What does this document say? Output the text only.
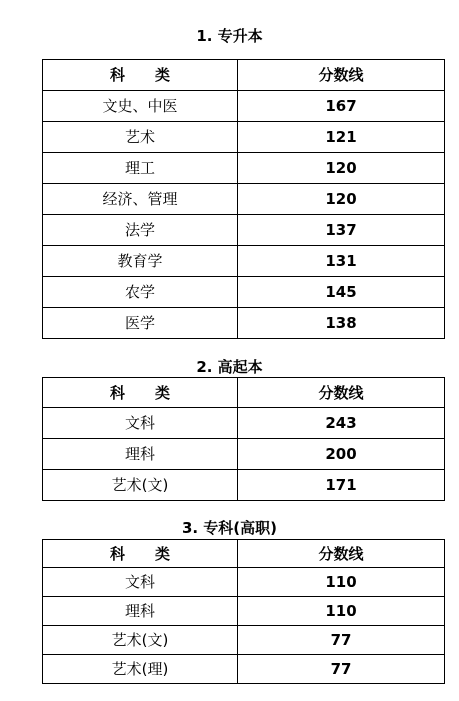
1. 专升本
科　　类	分数线
文史、中医	167
艺术	121
理工	120
经济、管理	120
法学	137
教育学	131
农学	145
医学	138
2. 高起本
科　　类	分数线
文科	243
理科	200
艺术(文)	171
3. 专科(高职)
科　　类	分数线
文科	110
理科	110
艺术(文)	77
艺术(理)	77
